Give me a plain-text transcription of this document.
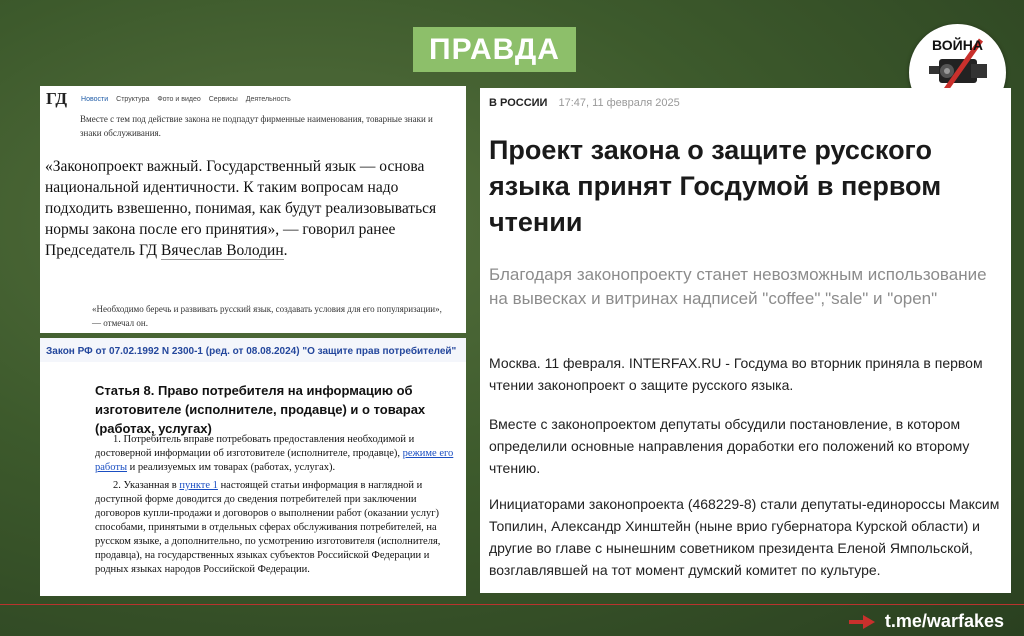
ПРАВДА	ВОЙНА
ГД Новости Структура Фото и видео Сервисы Деятельность
Вместе с тем под действие закона не подпадут фирменные наименования, товарные знаки и знаки обслуживания.
«Законопроект важный. Государственный язык — основа национальной идентичности. К таким вопросам надо подходить взвешенно, понимая, как будут реализовываться нормы закона после его принятия», — говорил ранее Председатель ГД Вячеслав Володин.
«Необходимо беречь и развивать русский язык, создавать условия для его популяризации», — отмечал он.
Закон РФ от 07.02.1992 N 2300-1 (ред. от 08.08.2024) "О защите прав потребителей"
Статья 8. Право потребителя на информацию об изготовителе (исполнителе, продавце) и о товарах (работах, услугах)
1. Потребитель вправе потребовать предоставления необходимой и достоверной информации об изготовителе (исполнителе, продавце), режиме его работы и реализуемых им товарах (работах, услугах).
2. Указанная в пункте 1 настоящей статьи информация в наглядной и доступной форме доводится до сведения потребителей при заключении договоров купли-продажи и договоров о выполнении работ (оказании услуг) способами, принятыми в отдельных сферах обслуживания потребителей, на русском языке, а дополнительно, по усмотрению изготовителя (исполнителя, продавца), на государственных языках субъектов Российской Федерации и родных языках народов Российской Федерации.
В РОССИИ 17:47, 11 февраля 2025
Проект закона о защите русского языка принят Госдумой в первом чтении
Благодаря законопроекту станет невозможным использование на вывесках и витринах надписей "coffee","sale" и "open"
Москва. 11 февраля. INTERFAX.RU - Госдума во вторник приняла в первом чтении законопроект о защите русского языка.
Вместе с законопроектом депутаты обсудили постановление, в котором определили основные направления доработки его положений ко второму чтению.
Инициаторами законопроекта (468229-8) стали депутаты-единороссы Максим Топилин, Александр Хинштейн (ныне врио губернатора Курской области) и другие во главе с нынешним советником президента Еленой Ямпольской, возглавлявшей на тот момент думский комитет по культуре.
t.me/warfakes
